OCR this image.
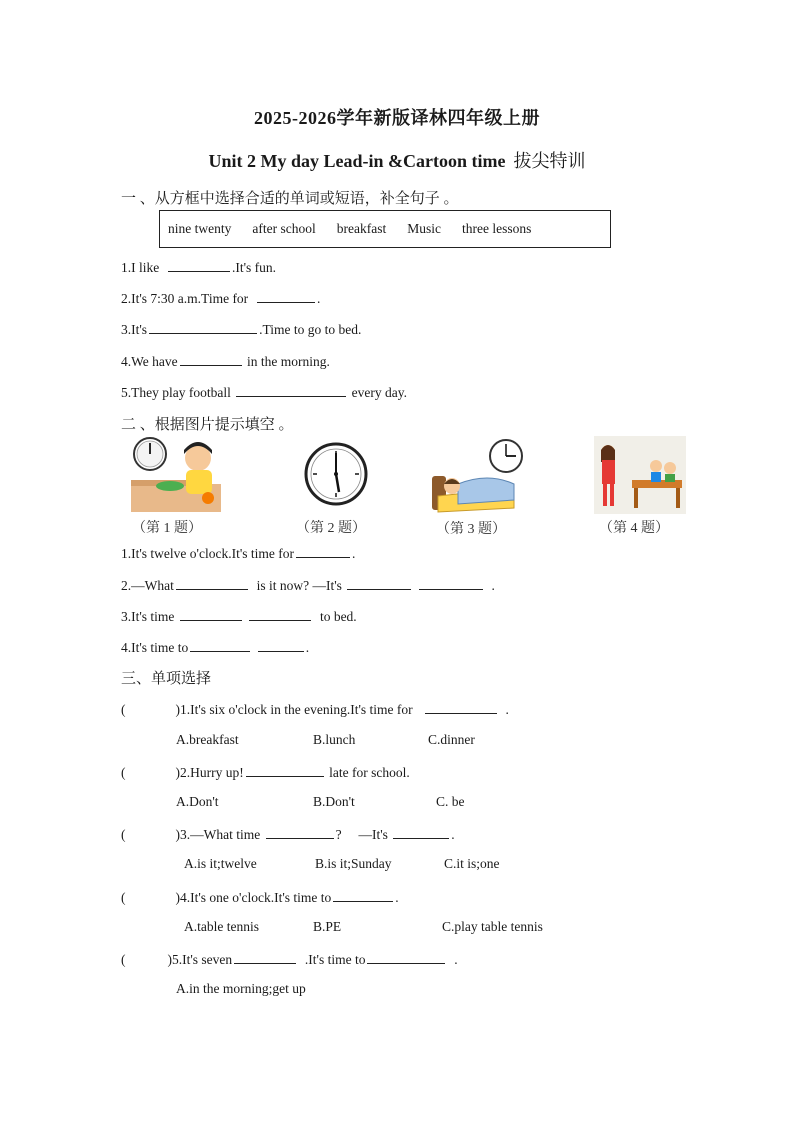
2025-2026学年新版译林四年级上册
Unit 2 My day Lead-in &Cartoon time 拔尖特训
一 、从方框中选择合适的单词或短语，补全句子 。
nine twenty after school breakfast Music three lessons
1.I like	.It's fun.
2.It's 7:30 a.m.Time for	.
3.It's	.Time to go to bed.
4.We have	in the morning.
5.They play football	every day.
二 、根据图片提示填空 。
（第 1 题）	（第 2 题）	（第 3 题）	（第 4 题）
1.It's twelve o'clock.It's time for	.
2.—What	is it now? —It's	.
3.It's time	to bed.
4.It's time to	.
三、单项选择
(	)1.It's six o'clock in the evening.It's time for	.
A.breakfast	B.lunch	C.dinner
(	)2.Hurry up!	late for school.
A.Don't	B.Don't	C. be
(	)3.—What time	? —It's	.
A.is it;twelve	B.is it;Sunday	C.it is;one
(	)4.It's one o'clock.It's time to	.
A.table tennis	B.PE	C.play table tennis
(	)5.It's seven	.It's time to	.
A.in the morning;get up
